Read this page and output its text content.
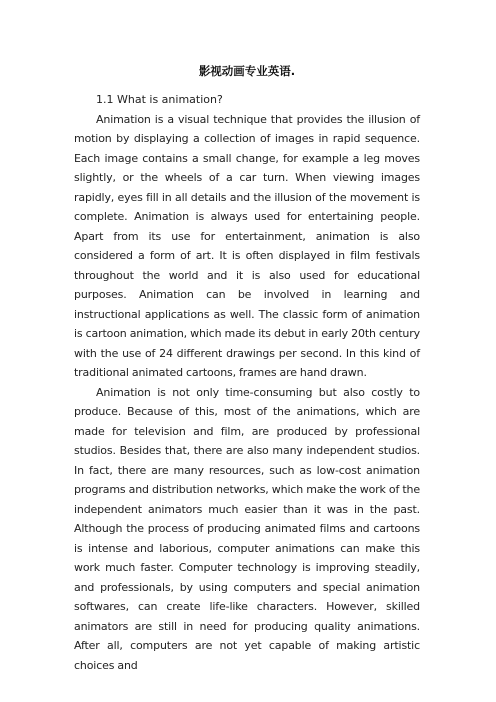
影视动画专业英语.

1.1 What is animation?

Animation is a visual technique that provides the illusion of motion by displaying a collection of images in rapid sequence. Each image contains a small change, for example a leg moves slightly, or the wheels of a car turn. When viewing images rapidly, eyes fill in all details and the illusion of the movement is complete. Animation is always used for entertaining people. Apart from its use for entertainment, animation is also considered a form of art. It is often displayed in film festivals throughout the world and it is also used for educational purposes. Animation can be involved in learning and instructional applications as well. The classic form of animation is cartoon animation, which made its debut in early 20th century with the use of 24 different drawings per second. In this kind of traditional animated cartoons, frames are hand drawn.

Animation is not only time-consuming but also costly to produce. Because of this, most of the animations, which are made for television and film, are produced by professional studios. Besides that, there are also many independent studios. In fact, there are many resources, such as low-cost animation programs and distribution networks, which make the work of the independent animators much easier than it was in the past. Although the process of producing animated films and cartoons is intense and laborious, computer animations can make this work much faster. Computer technology is improving steadily, and professionals, by using computers and special animation softwares, can create life-like characters. However, skilled animators are still in need for producing quality animations. After all, computers are not yet capable of making artistic choices and
